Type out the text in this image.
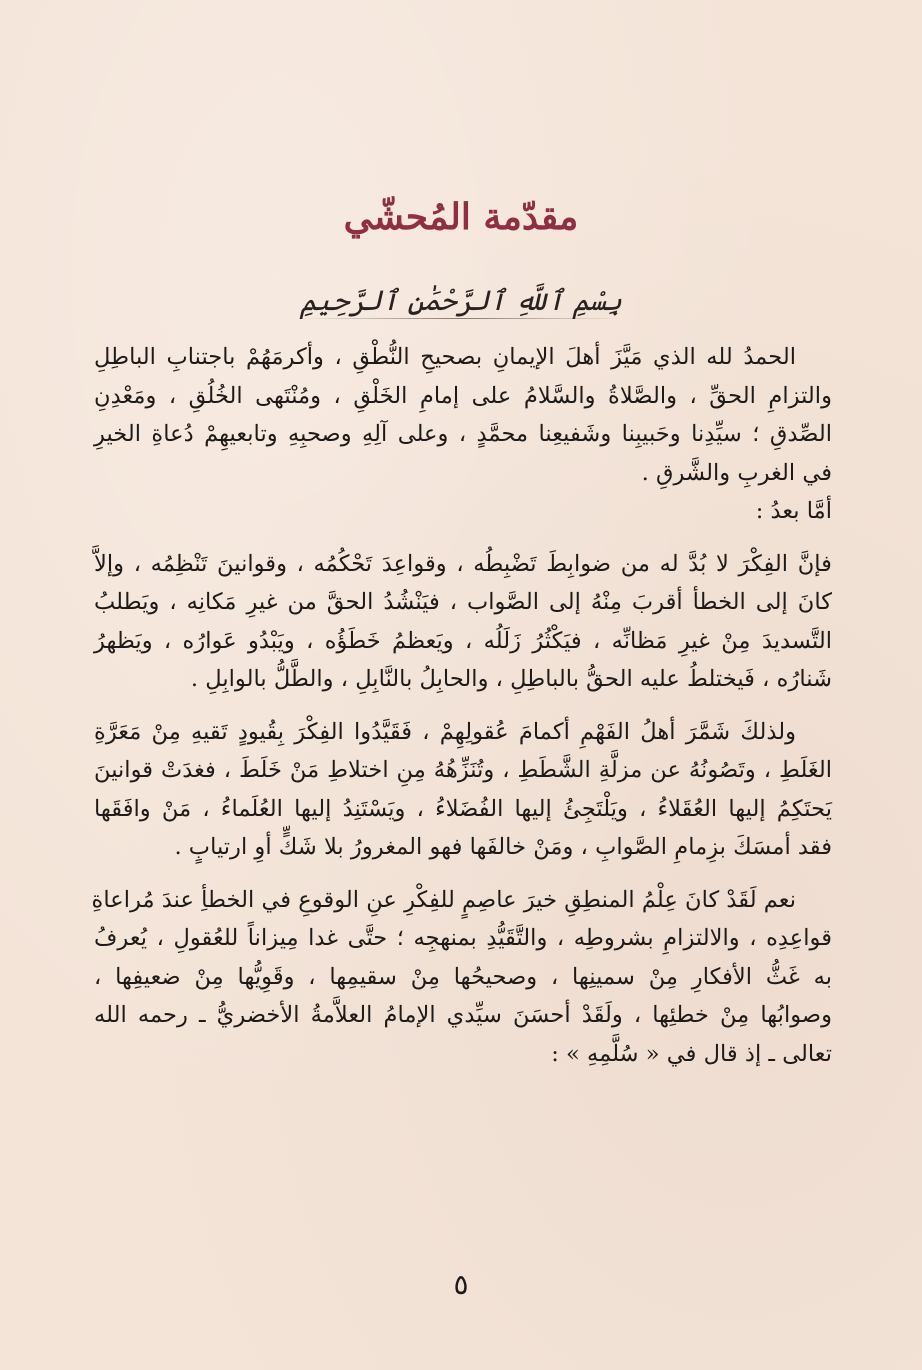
مقدّمة المُحشّي
بِسْمِ ٱللَّهِ ٱلرَّحْمَٰنِ ٱلرَّحِيمِ
الحمدُ لله الذي مَيَّزَ أهلَ الإيمانِ بصحيحِ النُّطْقِ ، وأكرمَهُمْ باجتنابِ الباطِلِ
والتزامِ الحقِّ ، والصَّلاةُ والسَّلامُ على إمامِ الخَلْقِ ، ومُنْتَهى الخُلُقِ ، ومَعْدِنِ
الصِّدقِ ؛ سيِّدِنا وحَبيبِنا وشَفيعِنا محمَّدٍ ، وعلى آلِهِ وصحبِهِ وتابعيهِمْ دُعاةِ الخيرِ
في الغربِ والشَّرقِ .
أمَّا بعدُ :
فإنَّ الفِكْرَ لا بُدَّ له من ضوابِطَ تَضْبِطُه ، وقواعِدَ تَحْكُمُه ، وقوانينَ تَنْظِمُه ، وإلاَّ
كانَ إلى الخطأ أقربَ مِنْهُ إلى الصَّواب ، فيَنْشُدُ الحقَّ من غيرِ مَكانِه ، ويَطلبُ
التَّسديدَ مِنْ غيرِ مَظانِّه ، فيَكْثُرُ زَلَلُه ، ويَعظمُ خَطَؤُه ، ويَبْدُو عَوارُه ، ويَظهرُ
شَنارُه ، فَيختلطُ عليه الحقُّ بالباطِلِ ، والحابِلُ بالنَّابِلِ ، والطَّلُّ بالوابِلِ .
ولذلكَ شَمَّرَ أهلُ الفَهْمِ أكمامَ عُقولِهِمْ ، فَقَيَّدُوا الفِكْرَ بِقُيودٍ تَقيهِ مِنْ مَعَرَّةِ
الغَلَطِ ، وتَصُونُهُ عن مزلَّةِ الشَّطَطِ ، وتُنَزِّهُهُ مِنِ اختلاطِ مَنْ خَلَطَ ، فغدَتْ قوانينَ
يَحتَكِمُ إليها العُقَلاءُ ، ويَلْتَجِئُ إليها الفُضَلاءُ ، ويَسْتَنِدُ إليها العُلَماءُ ، مَنْ وافَقَها
فقد أمسَكَ بزِمامِ الصَّوابِ ، ومَنْ خالفَها فهو المغرورُ بلا شَكٍّ أوِ ارتيابٍ .
نعم لَقَدْ كانَ عِلْمُ المنطِقِ خيرَ عاصِمٍ للفِكْرِ عنِ الوقوعِ في الخطأِ عندَ مُراعاةِ
قواعِدِه ، والالتزامِ بشروطِه ، والتَّقَيُّدِ بمنهجِه ؛ حتَّى غدا مِيزاناً للعُقولِ ، يُعرفُ
به غَثُّ الأفكارِ مِنْ سمينِها ، وصحيحُها مِنْ سقيمِها ، وقَوِيُّها مِنْ ضعيفِها ،
وصوابُها مِنْ خطئِها ، ولَقَدْ أحسَنَ سيِّدي الإمامُ العلاَّمةُ الأخضريُّ ـ رحمه الله
تعالى ـ إذ قال في « سُلَّمِهِ » :
٥
